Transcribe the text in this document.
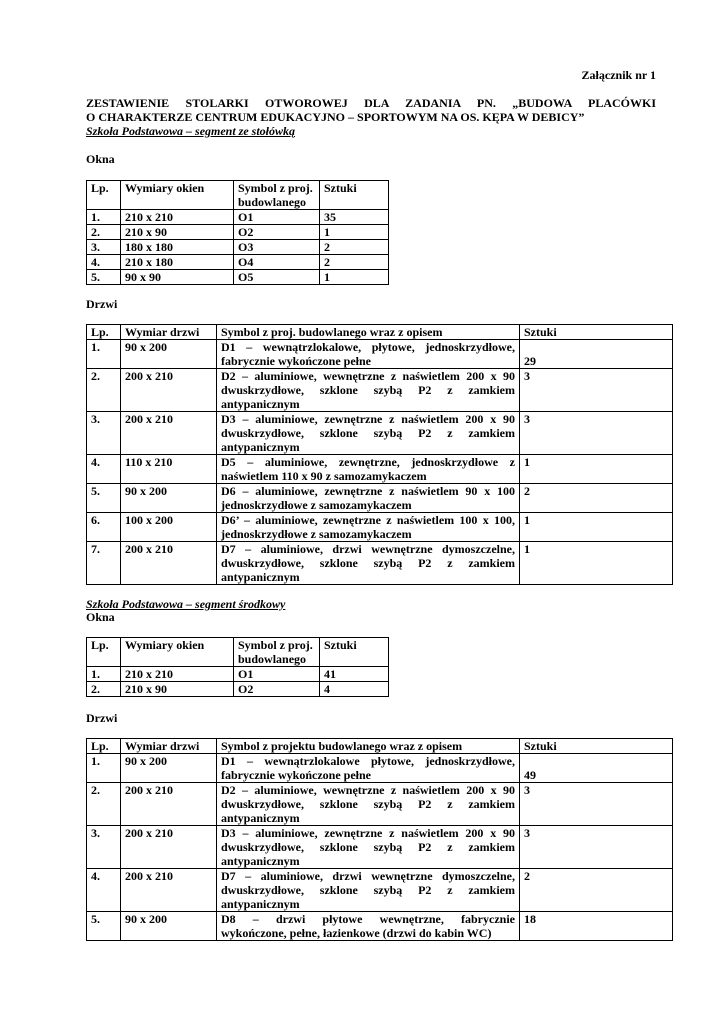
Załącznik nr 1
ZESTAWIENIE STOLARKI OTWOROWEJ DLA ZADANIA PN. „BUDOWA PLACÓWKI
O CHARAKTERZE CENTRUM EDUKACYJNO – SPORTOWYM NA OS. KĘPA W DEBICY”
Szkoła Podstawowa – segment ze stołówką
Okna
Lp.	Wymiary okien	Symbol z proj. budowlanego	Sztuki
1.	210 x 210	O1	35
2.	210 x 90	O2	1
3.	180 x 180	O3	2
4.	210 x 180	O4	2
5.	90 x 90	O5	1
Drzwi
Lp.	Wymiar drzwi	Symbol z proj. budowlanego wraz z opisem	Sztuki
1.	90 x 200	D1 – wewnątrzlokalowe, płytowe, jednoskrzydłowe,
fabrycznie wykończone pełne	29
2.	200 x 210	D2 – aluminiowe, wewnętrzne z naświetlem 200 x 90
dwuskrzydłowe, szklone szybą P2 z zamkiem
antypanicznym	3
3.	200 x 210	D3 – aluminiowe, zewnętrzne z naświetlem 200 x 90
dwuskrzydłowe, szklone szybą P2 z zamkiem
antypanicznym	3
4.	110 x 210	D5 – aluminiowe, zewnętrzne, jednoskrzydłowe z
naświetlem 110 x 90 z samozamykaczem	1
5.	90 x 200	D6 – aluminiowe, zewnętrzne z naświetlem 90 x 100
jednoskrzydłowe z samozamykaczem	2
6.	100 x 200	D6’ – aluminiowe, zewnętrzne z naświetlem 100 x 100,
jednoskrzydłowe z samozamykaczem	1
7.	200 x 210	D7 – aluminiowe, drzwi wewnętrzne dymoszczelne,
dwuskrzydłowe, szklone szybą P2 z zamkiem
antypanicznym	1
Szkoła Podstawowa – segment środkowy
Okna
Lp.	Wymiary okien	Symbol z proj. budowlanego	Sztuki
1.	210 x 210	O1	41
2.	210 x 90	O2	4
Drzwi
Lp.	Wymiar drzwi	Symbol z projektu budowlanego wraz z opisem	Sztuki
1.	90 x 200	D1 – wewnątrzlokalowe płytowe, jednoskrzydłowe,
fabrycznie wykończone pełne	49
2.	200 x 210	D2 – aluminiowe, wewnętrzne z naświetlem 200 x 90
dwuskrzydłowe, szklone szybą P2 z zamkiem
antypanicznym	3
3.	200 x 210	D3 – aluminiowe, zewnętrzne z naświetlem 200 x 90
dwuskrzydłowe, szklone szybą P2 z zamkiem
antypanicznym	3
4.	200 x 210	D7 – aluminiowe, drzwi wewnętrzne dymoszczelne,
dwuskrzydłowe, szklone szybą P2 z zamkiem
antypanicznym	2
5.	90 x 200	D8 – drzwi płytowe wewnętrzne, fabrycznie
wykończone, pełne, łazienkowe (drzwi do kabin WC)	18
